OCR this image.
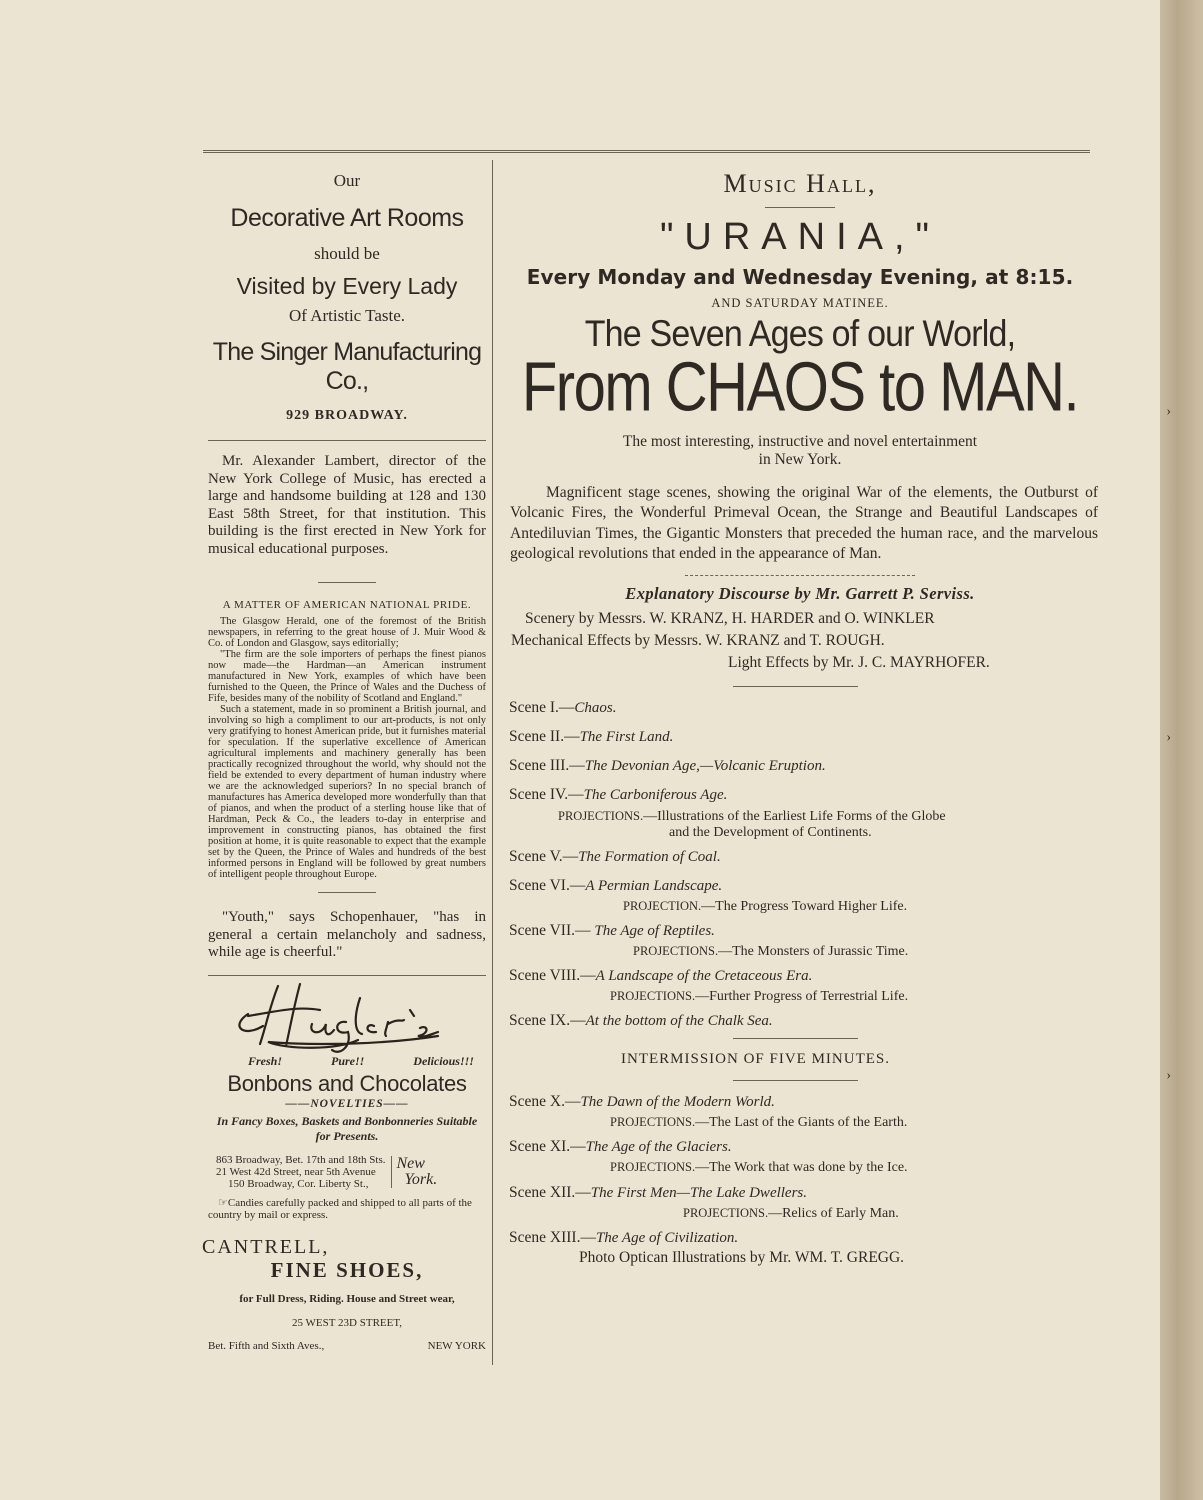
›
›
›

Our

Decorative Art Rooms

should be

Visited by Every Lady

Of Artistic Taste.

The Singer Manufacturing Co.,

929 BROADWAY.

Mr. Alexander Lambert, director of the New York College of Music, has erected a large and handsome building at 128 and 130 East 58th Street, for that institution. This building is the first erected in New York for musical educational purposes.

A MATTER OF AMERICAN NATIONAL PRIDE.

The Glasgow Herald, one of the foremost of the British newspapers, in referring to the great house of J. Muir Wood & Co. of London and Glasgow, says editorially;

"The firm are the sole importers of perhaps the finest pianos now made—the Hardman—an American instrument manufactured in New York, examples of which have been furnished to the Queen, the Prince of Wales and the Duchess of Fife, besides many of the nobility of Scotland and England."

Such a statement, made in so prominent a British journal, and involving so high a compliment to our art-products, is not only very gratifying to honest American pride, but it furnishes material for speculation. If the superlative excellence of American agricultural implements and machinery generally has been practically recognized throughout the world, why should not the field be extended to every department of human industry where we are the acknowledged superiors? In no special branch of manufactures has America developed more wonderfully than that of pianos, and when the product of a sterling house like that of Hardman, Peck & Co., the leaders to-day in enterprise and improvement in constructing pianos, has obtained the first position at home, it is quite reasonable to expect that the example set by the Queen, the Prince of Wales and hundreds of the best informed persons in England will be followed by great numbers of intelligent people throughout Europe.

"Youth," says Schopenhauer, "has in general a certain melancholy and sadness, while age is cheerful."

Fresh!	Pure!!	Delicious!!!

Bonbons and Chocolates

——NOVELTIES——

In Fancy Boxes, Baskets and Bonbonneries Suitable for Presents.

863 Broadway, Bet. 17th and 18th Sts.
21 West 42d Street, near 5th Avenue
150 Broadway, Cor. Liberty St.,
New
York.

☞Candies carefully packed and shipped to all parts of the country by mail or express.

CANTRELL,

FINE SHOES,

for Full Dress, Riding. House and Street wear,

25 WEST 23D STREET,

Bet. Fifth and Sixth Aves.,	NEW YORK

Music Hall,

"URANIA,"

Every Monday and Wednesday Evening, at 8:15.

AND SATURDAY MATINEE.

The Seven Ages of our World,

From CHAOS to MAN.

The most interesting, instructive and novel entertainment

in New York.

Magnificent stage scenes, showing the original War of the elements, the Outburst of Volcanic Fires, the Wonderful Primeval Ocean, the Strange and Beautiful Landscapes of Antediluvian Times, the Gigantic Monsters that preceded the human race, and the marvelous geological revolutions that ended in the appearance of Man.

Explanatory Discourse by Mr. Garrett P. Serviss.

Scenery by Messrs. W. KRANZ, H. HARDER and O. WINKLER

Mechanical Effects by Messrs. W. KRANZ and T. ROUGH.

Light Effects by Mr. J. C. MAYRHOFER.

Scene I.—Chaos.
Scene II.—The First Land.
Scene III.—The Devonian Age,—Volcanic Eruption.
Scene IV.—The Carboniferous Age.
PROJECTIONS.—Illustrations of the Earliest Life Forms of the Globe
and the Development of Continents.
Scene V.—The Formation of Coal.
Scene VI.—A Permian Landscape.
PROJECTION.—The Progress Toward Higher Life.
Scene VII.— The Age of Reptiles.
PROJECTIONS.—The Monsters of Jurassic Time.
Scene VIII.—A Landscape of the Cretaceous Era.
PROJECTIONS.—Further Progress of Terrestrial Life.
Scene IX.—At the bottom of the Chalk Sea.

INTERMISSION OF FIVE MINUTES.

Scene X.—The Dawn of the Modern World.
PROJECTIONS.—The Last of the Giants of the Earth.
Scene XI.—The Age of the Glaciers.
PROJECTIONS.—The Work that was done by the Ice.
Scene XII.—The First Men—The Lake Dwellers.
PROJECTIONS.—Relics of Early Man.
Scene XIII.—The Age of Civilization.
Photo Optican Illustrations by Mr. WM. T. GREGG.
